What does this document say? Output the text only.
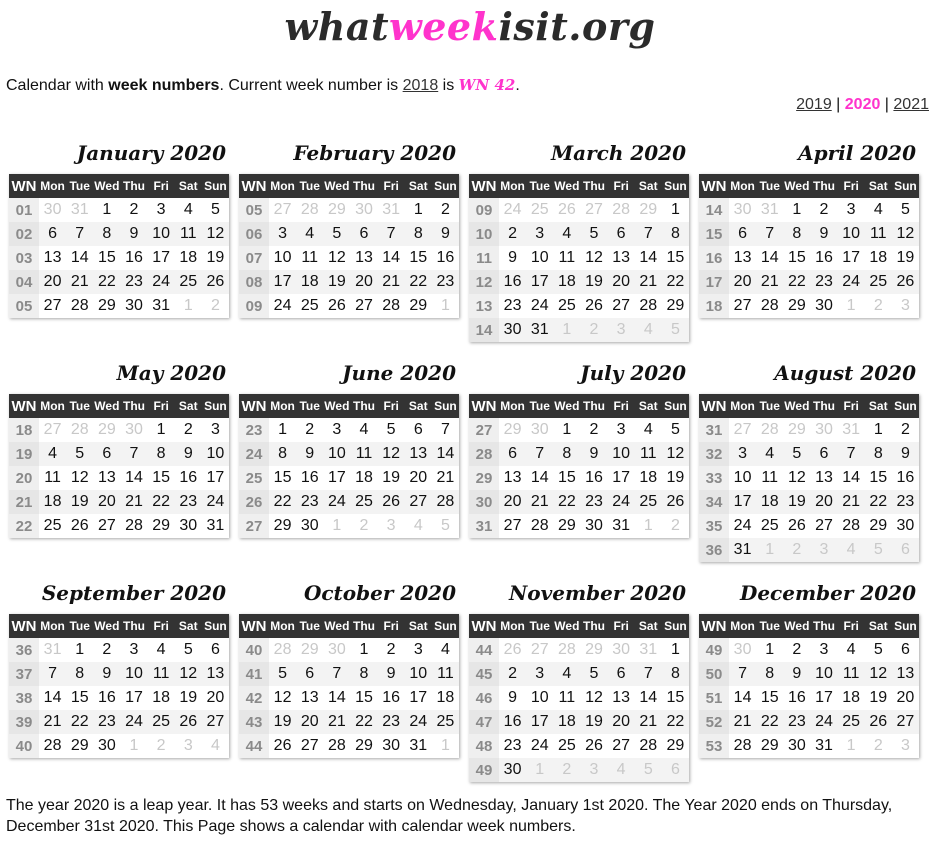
whatweekisit.org
Calendar with week numbers. Current week number is 2018 is WN 42.
2019 | 2020 | 2021
January 2020
WN	Mon	Tue	Wed	Thu	Fri	Sat	Sun
01	30	31	1	2	3	4	5
02	6	7	8	9	10	11	12
03	13	14	15	16	17	18	19
04	20	21	22	23	24	25	26
05	27	28	29	30	31	1	2
February 2020
WN	Mon	Tue	Wed	Thu	Fri	Sat	Sun
05	27	28	29	30	31	1	2
06	3	4	5	6	7	8	9
07	10	11	12	13	14	15	16
08	17	18	19	20	21	22	23
09	24	25	26	27	28	29	1
March 2020
WN	Mon	Tue	Wed	Thu	Fri	Sat	Sun
09	24	25	26	27	28	29	1
10	2	3	4	5	6	7	8
11	9	10	11	12	13	14	15
12	16	17	18	19	20	21	22
13	23	24	25	26	27	28	29
14	30	31	1	2	3	4	5
April 2020
WN	Mon	Tue	Wed	Thu	Fri	Sat	Sun
14	30	31	1	2	3	4	5
15	6	7	8	9	10	11	12
16	13	14	15	16	17	18	19
17	20	21	22	23	24	25	26
18	27	28	29	30	1	2	3
May 2020
WN	Mon	Tue	Wed	Thu	Fri	Sat	Sun
18	27	28	29	30	1	2	3
19	4	5	6	7	8	9	10
20	11	12	13	14	15	16	17
21	18	19	20	21	22	23	24
22	25	26	27	28	29	30	31
June 2020
WN	Mon	Tue	Wed	Thu	Fri	Sat	Sun
23	1	2	3	4	5	6	7
24	8	9	10	11	12	13	14
25	15	16	17	18	19	20	21
26	22	23	24	25	26	27	28
27	29	30	1	2	3	4	5
July 2020
WN	Mon	Tue	Wed	Thu	Fri	Sat	Sun
27	29	30	1	2	3	4	5
28	6	7	8	9	10	11	12
29	13	14	15	16	17	18	19
30	20	21	22	23	24	25	26
31	27	28	29	30	31	1	2
August 2020
WN	Mon	Tue	Wed	Thu	Fri	Sat	Sun
31	27	28	29	30	31	1	2
32	3	4	5	6	7	8	9
33	10	11	12	13	14	15	16
34	17	18	19	20	21	22	23
35	24	25	26	27	28	29	30
36	31	1	2	3	4	5	6
September 2020
WN	Mon	Tue	Wed	Thu	Fri	Sat	Sun
36	31	1	2	3	4	5	6
37	7	8	9	10	11	12	13
38	14	15	16	17	18	19	20
39	21	22	23	24	25	26	27
40	28	29	30	1	2	3	4
October 2020
WN	Mon	Tue	Wed	Thu	Fri	Sat	Sun
40	28	29	30	1	2	3	4
41	5	6	7	8	9	10	11
42	12	13	14	15	16	17	18
43	19	20	21	22	23	24	25
44	26	27	28	29	30	31	1
November 2020
WN	Mon	Tue	Wed	Thu	Fri	Sat	Sun
44	26	27	28	29	30	31	1
45	2	3	4	5	6	7	8
46	9	10	11	12	13	14	15
47	16	17	18	19	20	21	22
48	23	24	25	26	27	28	29
49	30	1	2	3	4	5	6
December 2020
WN	Mon	Tue	Wed	Thu	Fri	Sat	Sun
49	30	1	2	3	4	5	6
50	7	8	9	10	11	12	13
51	14	15	16	17	18	19	20
52	21	22	23	24	25	26	27
53	28	29	30	31	1	2	3
The year 2020 is a leap year. It has 53 weeks and starts on Wednesday, January 1st 2020. The Year 2020 ends on Thursday, December 31st 2020. This Page shows a calendar with calendar week numbers.
